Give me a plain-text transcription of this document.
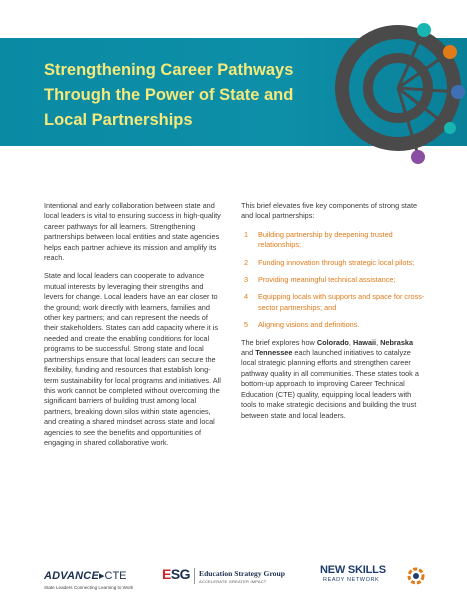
Strengthening Career Pathways
Through the Power of State and
Local Partnerships

Intentional and early collaboration between state and local leaders is vital to ensuring success in high-quality career pathways for all learners. Strengthening partnerships between local entities and state agencies helps each partner achieve its mission and amplify its reach.

State and local leaders can cooperate to advance mutual interests by leveraging their strengths and levers for change. Local leaders have an ear closer to the ground; work directly with learners, families and other key partners; and can represent the needs of their stakeholders. States can add capacity where it is needed and create the enabling conditions for local programs to be successful. Strong state and local partnerships ensure that local leaders can secure the flexibility, funding and resources that establish long-term sustainability for local programs and initiatives. All this work cannot be completed without overcoming the significant barriers of building trust among local partners, breaking down silos within state agencies, and creating a shared mindset across state and local agencies to see the benefits and opportunities of engaging in shared collaborative work.

This brief elevates five key components of strong state and local partnerships:

1 Building partnership by deepening trusted relationships;
2 Funding innovation through strategic local pilots;
3 Providing meaningful technical assistance;
4 Equipping locals with supports and space for cross-sector partnerships; and
5 Aligning visions and definitions.

The brief explores how Colorado, Hawaii, Nebraska and Tennessee each launched initiatives to catalyze local strategic planning efforts and strengthen career pathway quality in all communities. These states took a bottom-up approach to improving Career Technical Education (CTE) quality, equipping local leaders with tools to make strategic decisions and building the trust between state and local leaders.

ADVANCE▸CTE
State Leaders Connecting Learning to Work
ESG Education Strategy Group
ACCELERATE GREATER IMPACT
NEW SKILLS
READY NETWORK
